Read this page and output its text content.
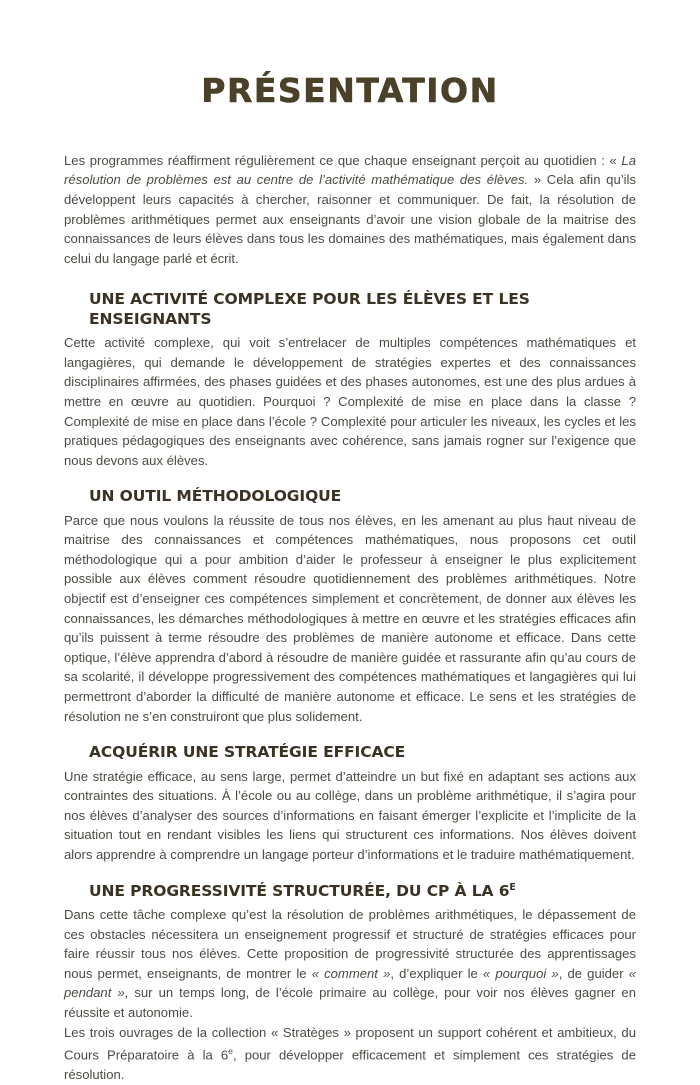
PRÉSENTATION

Les programmes réaffirment régulièrement ce que chaque enseignant perçoit au quotidien : « La résolution de problèmes est au centre de l’activité mathématique des élèves. » Cela afin qu’ils développent leurs capacités à chercher, raisonner et communiquer. De fait, la résolution de problèmes arithmétiques permet aux enseignants d’avoir une vision globale de la maitrise des connaissances de leurs élèves dans tous les domaines des mathématiques, mais également dans celui du langage parlé et écrit.

UNE ACTIVITÉ COMPLEXE POUR LES ÉLÈVES ET LES ENSEIGNANTS

Cette activité complexe, qui voit s’entrelacer de multiples compétences mathématiques et langagières, qui demande le développement de stratégies expertes et des connaissances disciplinaires affirmées, des phases guidées et des phases autonomes, est une des plus ardues à mettre en œuvre au quotidien. Pourquoi ? Complexité de mise en place dans la classe ? Complexité de mise en place dans l’école ? Complexité pour articuler les niveaux, les cycles et les pratiques pédagogiques des enseignants avec cohérence, sans jamais rogner sur l’exigence que nous devons aux élèves.

UN OUTIL MÉTHODOLOGIQUE

Parce que nous voulons la réussite de tous nos élèves, en les amenant au plus haut niveau de maitrise des connaissances et compétences mathématiques, nous proposons cet outil méthodologique qui a pour ambition d’aider le professeur à enseigner le plus explicitement possible aux élèves comment résoudre quotidiennement des problèmes arithmétiques. Notre objectif est d’enseigner ces compétences simplement et concrètement, de donner aux élèves les connaissances, les démarches méthodologiques à mettre en œuvre et les stratégies efficaces afin qu’ils puissent à terme résoudre des problèmes de manière autonome et efficace. Dans cette optique, l’élève apprendra d’abord à résoudre de manière guidée et rassurante afin qu’au cours de sa scolarité, il développe progressivement des compétences mathématiques et langagières qui lui permettront d’aborder la difficulté de manière autonome et efficace. Le sens et les stratégies de résolution ne s’en construiront que plus solidement.

ACQUÉRIR UNE STRATÉGIE EFFICACE

Une stratégie efficace, au sens large, permet d’atteindre un but fixé en adaptant ses actions aux contraintes des situations. À l’école ou au collège, dans un problème arithmétique, il s’agira pour nos élèves d’analyser des sources d’informations en faisant émerger l’explicite et l’implicite de la situation tout en rendant visibles les liens qui structurent ces informations. Nos élèves doivent alors apprendre à comprendre un langage porteur d’informations et le traduire mathématiquement.

UNE PROGRESSIVITÉ STRUCTURÉE, DU CP À LA $6^E$

Dans cette tâche complexe qu’est la résolution de problèmes arithmétiques, le dépassement de ces obstacles nécessitera un enseignement progressif et structuré de stratégies efficaces pour faire réussir tous nos élèves. Cette proposition de progressivité structurée des apprentissages nous permet, enseignants, de montrer le « comment », d’expliquer le « pourquoi », de guider « pendant », sur un temps long, de l’école primaire au collège, pour voir nos élèves gagner en réussite et autonomie.

Les trois ouvrages de la collection « Stratèges » proposent un support cohérent et ambitieux, du Cours Préparatoire à la 6e, pour développer efficacement et simplement ces stratégies de résolution.
